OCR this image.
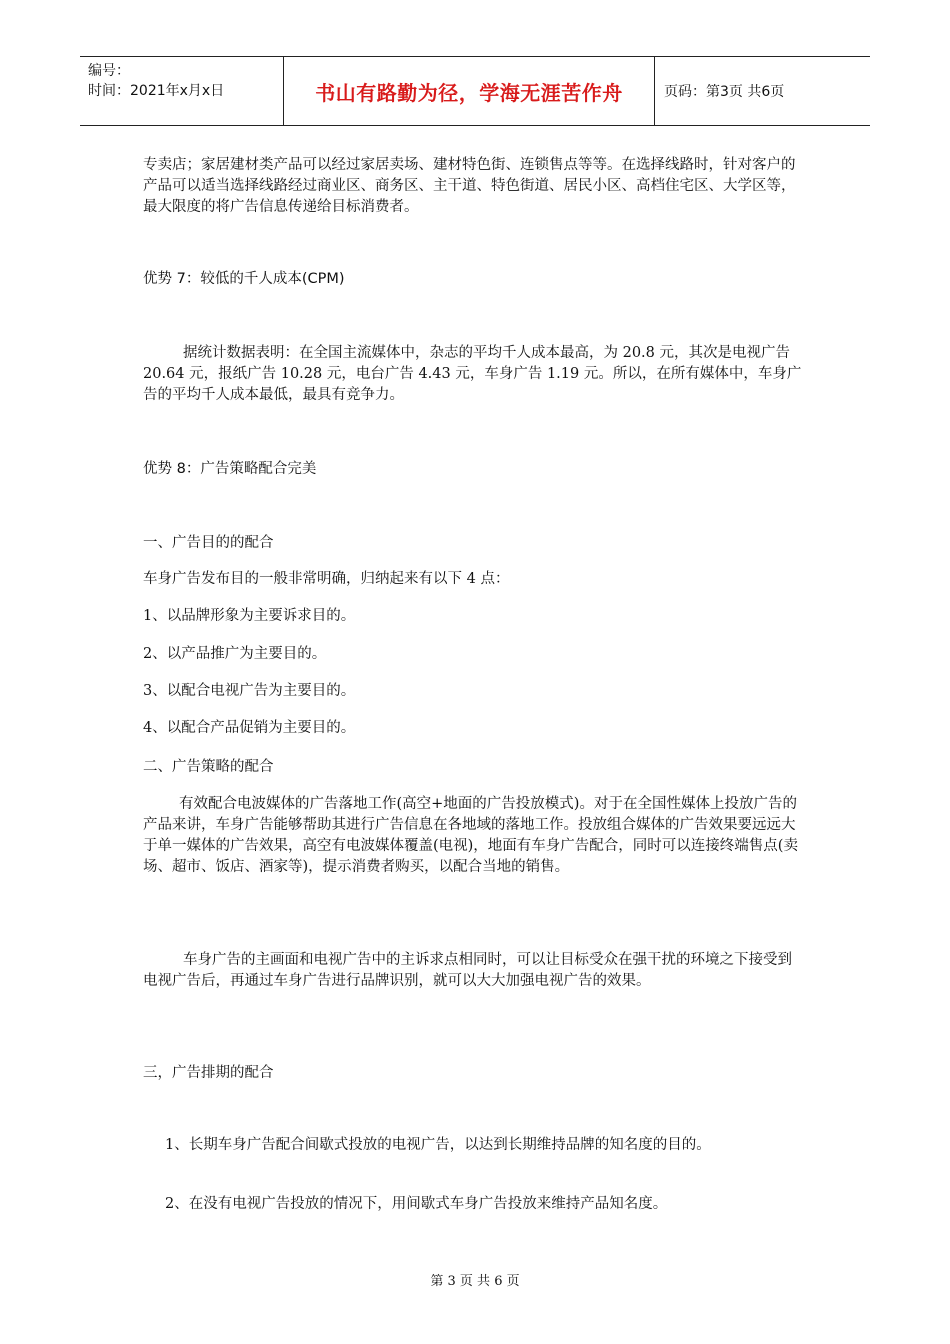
编号：
时间：2021年x月x日	书山有路勤为径，学海无涯苦作舟	页码：第3页 共6页

专卖店；家居建材类产品可以经过家居卖场、建材特色街、连锁售点等等。在选择线路时，针对客户的产品可以适当选择线路经过商业区、商务区、主干道、特色街道、居民小区、高档住宅区、大学区等，最大限度的将广告信息传递给目标消费者。

优势 7：较低的千人成本(CPM)

据统计数据表明：在全国主流媒体中，杂志的平均千人成本最高，为 20.8 元，其次是电视广告 20.64 元，报纸广告 10.28 元，电台广告 4.43 元，车身广告 1.19 元。所以，在所有媒体中，车身广告的平均千人成本最低，最具有竞争力。

优势 8：广告策略配合完美

一、广告目的的配合

车身广告发布目的一般非常明确，归纳起来有以下 4 点：

1、以品牌形象为主要诉求目的。

2、以产品推广为主要目的。

3、以配合电视广告为主要目的。

4、以配合产品促销为主要目的。

二、广告策略的配合

有效配合电波媒体的广告落地工作(高空+地面的广告投放模式)。对于在全国性媒体上投放广告的产品来讲，车身广告能够帮助其进行广告信息在各地域的落地工作。投放组合媒体的广告效果要远远大于单一媒体的广告效果，高空有电波媒体覆盖(电视)，地面有车身广告配合，同时可以连接终端售点(卖场、超市、饭店、酒家等)，提示消费者购买，以配合当地的销售。

车身广告的主画面和电视广告中的主诉求点相同时，可以让目标受众在强干扰的环境之下接受到电视广告后，再通过车身广告进行品牌识别，就可以大大加强电视广告的效果。

三，广告排期的配合

1、长期车身广告配合间歇式投放的电视广告，以达到长期维持品牌的知名度的目的。

2、在没有电视广告投放的情况下，用间歇式车身广告投放来维持产品知名度。

第 3 页 共 6 页
